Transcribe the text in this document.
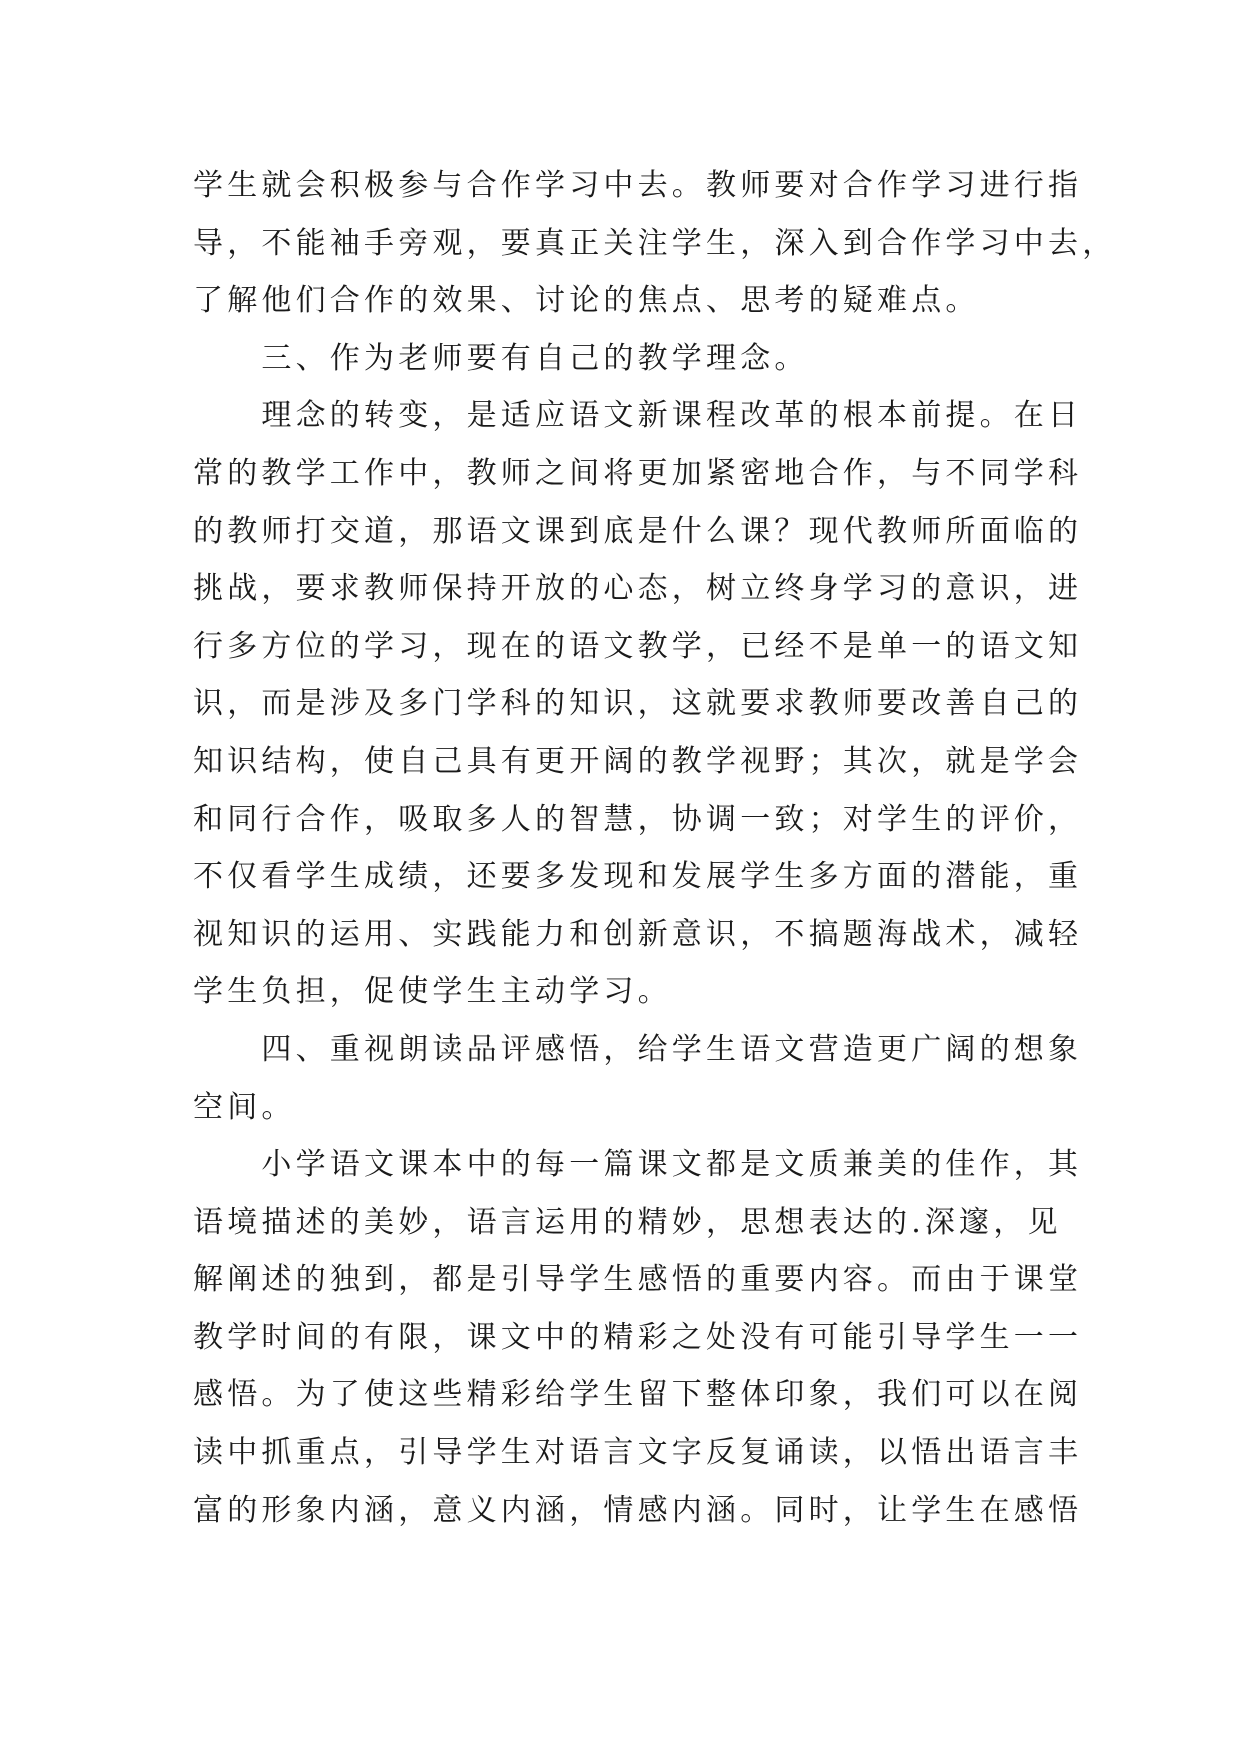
学生就会积极参与合作学习中去。教师要对合作学习进行指
导，不能袖手旁观，要真正关注学生，深入到合作学习中去，
了解他们合作的效果、讨论的焦点、思考的疑难点。
　　三、作为老师要有自己的教学理念。
　　理念的转变，是适应语文新课程改革的根本前提。在日
常的教学工作中，教师之间将更加紧密地合作，与不同学科
的教师打交道，那语文课到底是什么课？现代教师所面临的
挑战，要求教师保持开放的心态，树立终身学习的意识，进
行多方位的学习，现在的语文教学，已经不是单一的语文知
识，而是涉及多门学科的知识，这就要求教师要改善自己的
知识结构，使自己具有更开阔的教学视野；其次，就是学会
和同行合作，吸取多人的智慧，协调一致；对学生的评价，
不仅看学生成绩，还要多发现和发展学生多方面的潜能，重
视知识的运用、实践能力和创新意识，不搞题海战术，减轻
学生负担，促使学生主动学习。
　　四、重视朗读品评感悟，给学生语文营造更广阔的想象
空间。
　　小学语文课本中的每一篇课文都是文质兼美的佳作，其
语境描述的美妙，语言运用的精妙，思想表达的.深邃，见
解阐述的独到，都是引导学生感悟的重要内容。而由于课堂
教学时间的有限，课文中的精彩之处没有可能引导学生一一
感悟。为了使这些精彩给学生留下整体印象，我们可以在阅
读中抓重点，引导学生对语言文字反复诵读，以悟出语言丰
富的形象内涵，意义内涵，情感内涵。同时，让学生在感悟
